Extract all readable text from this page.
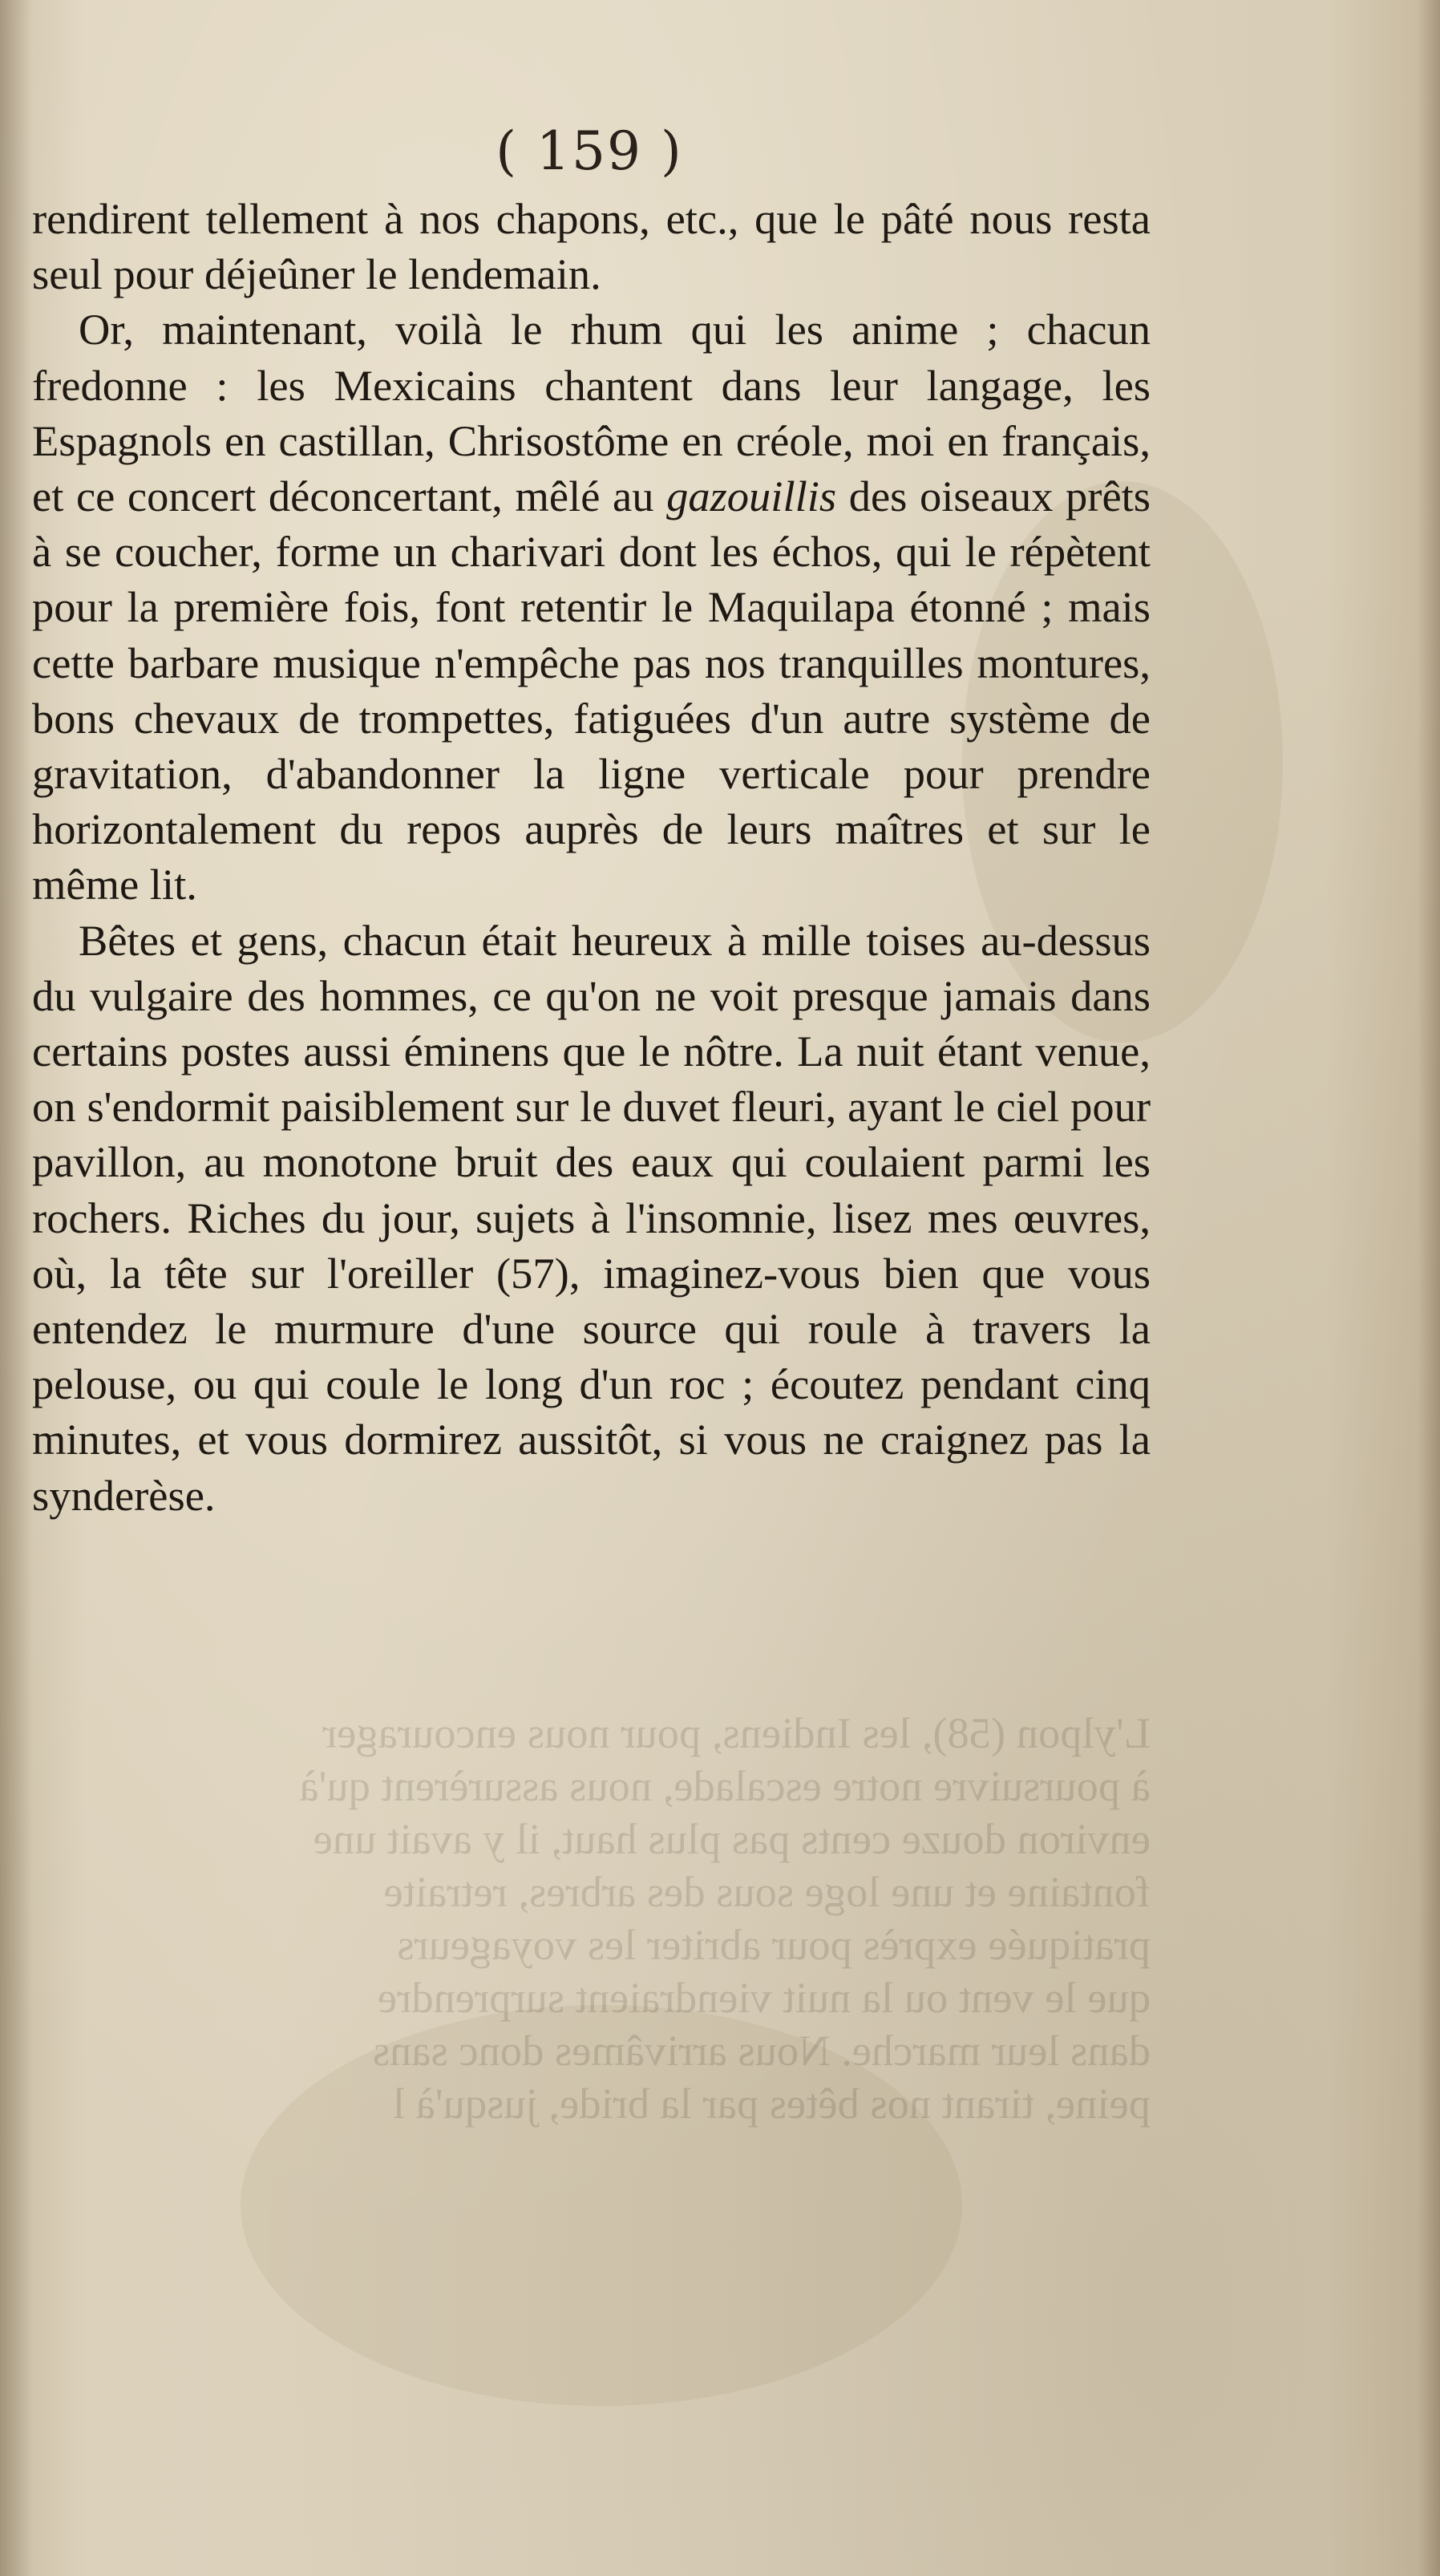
( 159 )

rendirent tellement à nos chapons, etc., que le pâté nous resta seul pour déjeûner le lendemain.

Or, maintenant, voilà le rhum qui les anime ; chacun fredonne : les Mexicains chantent dans leur langage, les Espagnols en castillan, Chrisostôme en créole, moi en français, et ce concert déconcertant, mêlé au gazouillis des oiseaux prêts à se coucher, forme un charivari dont les échos, qui le répètent pour la première fois, font retentir le Maquilapa étonné ; mais cette barbare musique n'empêche pas nos tranquilles montures, bons chevaux de trompettes, fatiguées d'un autre système de gravitation, d'abandonner la ligne verticale pour prendre horizontalement du repos auprès de leurs maîtres et sur le même lit.

Bêtes et gens, chacun était heureux à mille toises au-dessus du vulgaire des hommes, ce qu'on ne voit presque jamais dans certains postes aussi éminens que le nôtre. La nuit étant venue, on s'endormit paisiblement sur le duvet fleuri, ayant le ciel pour pavillon, au monotone bruit des eaux qui coulaient parmi les rochers. Riches du jour, sujets à l'insomnie, lisez mes œuvres, où, la tête sur l'oreiller (57), imaginez-vous bien que vous entendez le murmure d'une source qui roule à travers la pelouse, ou qui coule le long d'un roc ; écoutez pendant cinq minutes, et vous dormirez aussitôt, si vous ne craignez pas la synderèse.

L'ylpon (58), les Indiens, pour nous encourager

à poursuivre notre escalade, nous assurèrent qu'à

environ douze cents pas plus haut, il y avait une

fontaine et une loge sous des arbres, retraite

pratiquée exprès pour abriter les voyageurs

que le vent ou la nuit viendraient surprendre

dans leur marche. Nous arrivâmes donc sans

peine, tirant nos bêtes par la bride, jusqu'à l
